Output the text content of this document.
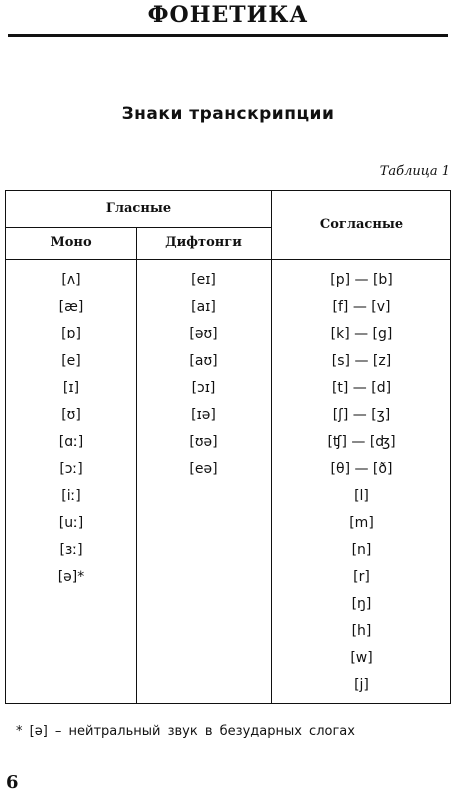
ФОНЕТИКА
Знаки транскрипции
Таблица 1
Гласные
Моно	Дифтонги
Согласные
[ʌ]
[æ]
[ɒ]
[e]
[ɪ]
[ʊ]
[ɑː]
[ɔː]
[iː]
[uː]
[ɜː]
[ə]*
[eɪ]
[aɪ]
[əʊ]
[aʊ]
[ɔɪ]
[ɪə]
[ʊə]
[eə]
[p] — [b]
[f] — [v]
[k] — [g]
[s] — [z]
[t] — [d]
[ʃ] — [ʒ]
[ʧ] — [ʤ]
[θ] — [ð]
[l]
[m]
[n]
[r]
[ŋ]
[h]
[w]
[j]
* [ə] – нейтральный звук в безударных слогах
6
